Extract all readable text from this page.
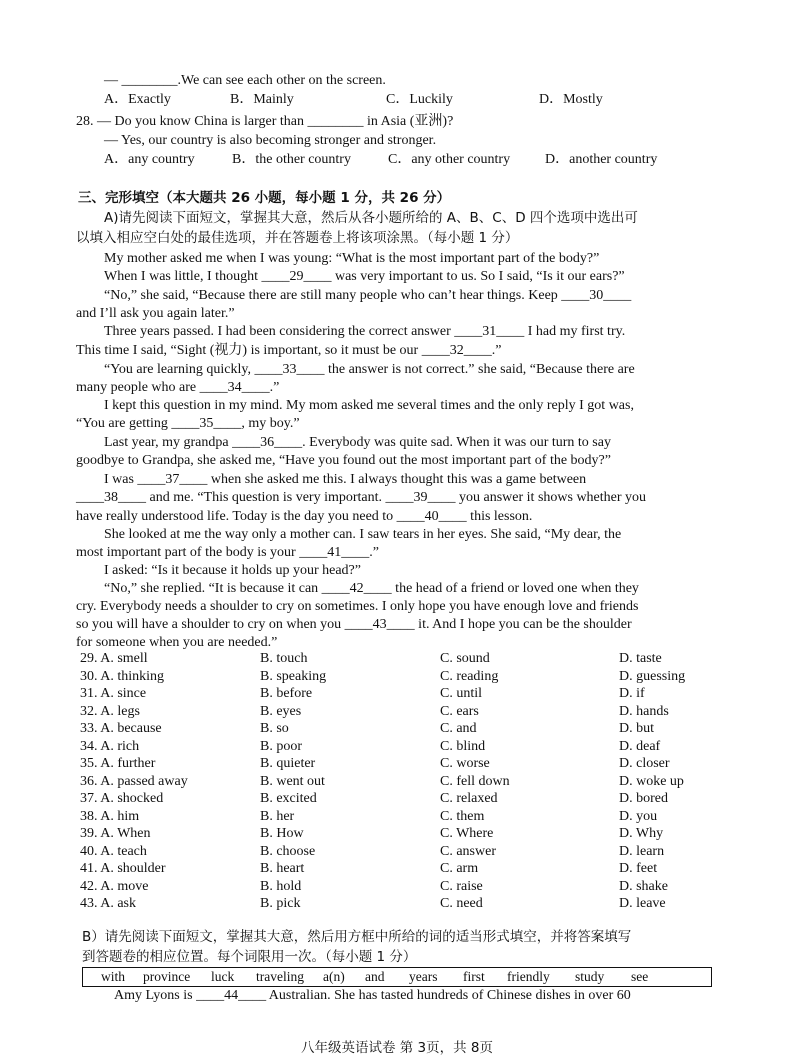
— ________.We can see each other on the screen.
A．Exactly	B．Mainly	C．Luckily	D．Mostly
28. — Do you know China is larger than ________ in Asia (亚洲)?
— Yes, our country is also becoming stronger and stronger.
A．any country	B．the other country	C．any other country D．another country
三、完形填空（本大题共 26 小题，每小题 1 分，共 26 分）
A)请先阅读下面短文，掌握其大意，然后从各小题所给的 A、B、C、D 四个选项中选出可
以填入相应空白处的最佳选项，并在答题卷上将该项涂黑。（每小题 1 分）
My mother asked me when I was young: “What is the most important part of the body?”
When I was little, I thought ____29____ was very important to us. So I said, “Is it our ears?”
“No,” she said, “Because there are still many people who can’t hear things. Keep ____30____
and I’ll ask you again later.”
Three years passed. I had been considering the correct answer ____31____ I had my first try.
This time I said, “Sight (视力) is important, so it must be our ____32____.”
“You are learning quickly, ____33____ the answer is not correct.” she said, “Because there are
many people who are ____34____.”
I kept this question in my mind. My mom asked me several times and the only reply I got was,
“You are getting ____35____, my boy.”
Last year, my grandpa ____36____. Everybody was quite sad. When it was our turn to say
goodbye to Grandpa, she asked me, “Have you found out the most important part of the body?”
I was ____37____ when she asked me this. I always thought this was a game between
____38____ and me. “This question is very important. ____39____ you answer it shows whether you
have really understood life. Today is the day you need to ____40____ this lesson.
She looked at me the way only a mother can. I saw tears in her eyes. She said, “My dear, the
most important part of the body is your ____41____.”
I asked: “Is it because it holds up your head?”
“No,” she replied. “It is because it can ____42____ the head of a friend or loved one when they
cry. Everybody needs a shoulder to cry on sometimes. I only hope you have enough love and friends
so you will have a shoulder to cry on when you ____43____ it. And I hope you can be the shoulder
for someone when you are needed.”
29. A. smell	B. touch	C. sound	D. taste
30. A. thinking	B. speaking	C. reading	D. guessing
31. A. since	B. before	C. until	D. if
32. A. legs	B. eyes	C. ears	D. hands
33. A. because	B. so	C. and	D. but
34. A. rich	B. poor	C. blind	D. deaf
35. A. further	B. quieter	C. worse	D. closer
36. A. passed away	B. went out	C. fell down	D. woke up
37. A. shocked	B. excited	C. relaxed	D. bored
38. A. him	B. her	C. them	D. you
39. A. When	B. How	C. Where	D. Why
40. A. teach	B. choose	C. answer	D. learn
41. A. shoulder	B. heart	C. arm	D. feet
42. A. move	B. hold	C. raise	D. shake
43. A. ask	B. pick	C. need	D. leave
B）请先阅读下面短文，掌握其大意，然后用方框中所给的词的适当形式填空，并将答案填写
到答题卷的相应位置。每个词限用一次。（每小题 1 分）
with province luck traveling a(n) and years first friendly study see
Amy Lyons is ____44____ Australian. She has tasted hundreds of Chinese dishes in over 60
八年级英语试卷 第 3页，共 8页
